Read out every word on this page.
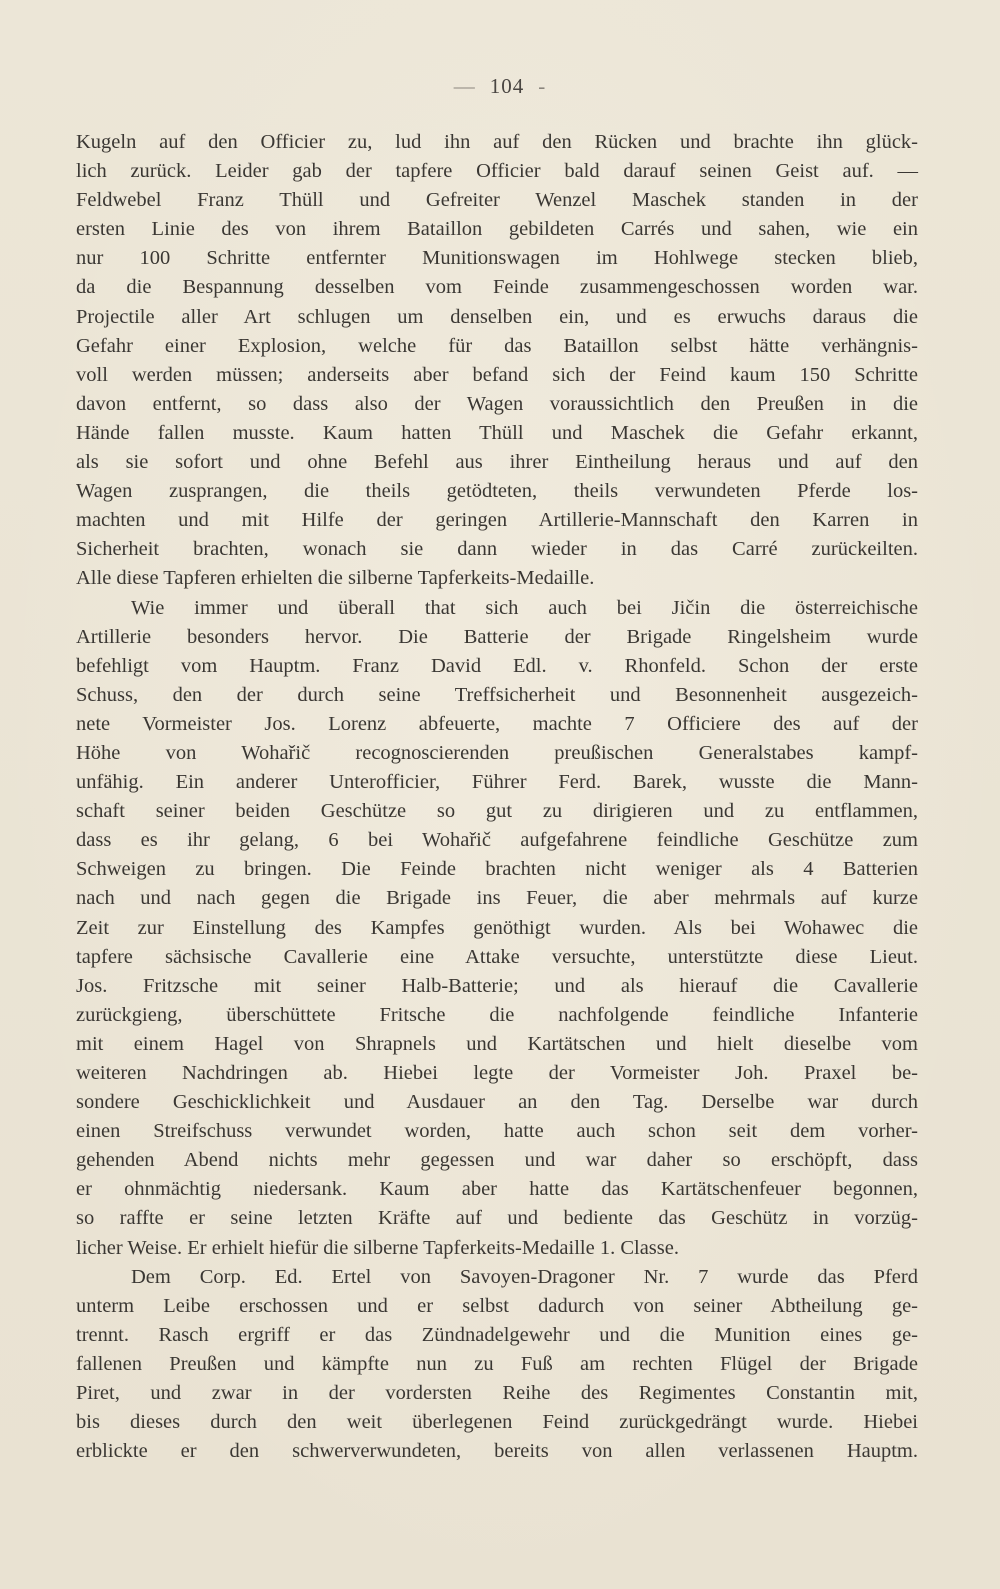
— 104 -
Kugeln auf den Officier zu, lud ihn auf den Rücken und brachte ihn glück-
lich zurück. Leider gab der tapfere Officier bald darauf seinen Geist auf. —
Feldwebel Franz Thüll und Gefreiter Wenzel Maschek standen in der
ersten Linie des von ihrem Bataillon gebildeten Carrés und sahen, wie ein
nur 100 Schritte entfernter Munitionswagen im Hohlwege stecken blieb,
da die Bespannung desselben vom Feinde zusammengeschossen worden war.
Projectile aller Art schlugen um denselben ein, und es erwuchs daraus die
Gefahr einer Explosion, welche für das Bataillon selbst hätte verhängnis-
voll werden müssen; anderseits aber befand sich der Feind kaum 150 Schritte
davon entfernt, so dass also der Wagen voraussichtlich den Preußen in die
Hände fallen musste. Kaum hatten Thüll und Maschek die Gefahr erkannt,
als sie sofort und ohne Befehl aus ihrer Eintheilung heraus und auf den
Wagen zusprangen, die theils getödteten, theils verwundeten Pferde los-
machten und mit Hilfe der geringen Artillerie-Mannschaft den Karren in
Sicherheit brachten, wonach sie dann wieder in das Carré zurückeilten.
Alle diese Tapferen erhielten die silberne Tapferkeits-Medaille.
Wie immer und überall that sich auch bei Jičin die österreichische
Artillerie besonders hervor. Die Batterie der Brigade Ringelsheim wurde
befehligt vom Hauptm. Franz David Edl. v. Rhonfeld. Schon der erste
Schuss, den der durch seine Treffsicherheit und Besonnenheit ausgezeich-
nete Vormeister Jos. Lorenz abfeuerte, machte 7 Officiere des auf der
Höhe von Wohařič recognoscierenden preußischen Generalstabes kampf-
unfähig. Ein anderer Unterofficier, Führer Ferd. Barek, wusste die Mann-
schaft seiner beiden Geschütze so gut zu dirigieren und zu entflammen,
dass es ihr gelang, 6 bei Wohařič aufgefahrene feindliche Geschütze zum
Schweigen zu bringen. Die Feinde brachten nicht weniger als 4 Batterien
nach und nach gegen die Brigade ins Feuer, die aber mehrmals auf kurze
Zeit zur Einstellung des Kampfes genöthigt wurden. Als bei Wohawec die
tapfere sächsische Cavallerie eine Attake versuchte, unterstützte diese Lieut.
Jos. Fritzsche mit seiner Halb-Batterie; und als hierauf die Cavallerie
zurückgieng, überschüttete Fritsche die nachfolgende feindliche Infanterie
mit einem Hagel von Shrapnels und Kartätschen und hielt dieselbe vom
weiteren Nachdringen ab. Hiebei legte der Vormeister Joh. Praxel be-
sondere Geschicklichkeit und Ausdauer an den Tag. Derselbe war durch
einen Streifschuss verwundet worden, hatte auch schon seit dem vorher-
gehenden Abend nichts mehr gegessen und war daher so erschöpft, dass
er ohnmächtig niedersank. Kaum aber hatte das Kartätschenfeuer begonnen,
so raffte er seine letzten Kräfte auf und bediente das Geschütz in vorzüg-
licher Weise. Er erhielt hiefür die silberne Tapferkeits-Medaille 1. Classe.
Dem Corp. Ed. Ertel von Savoyen-Dragoner Nr. 7 wurde das Pferd
unterm Leibe erschossen und er selbst dadurch von seiner Abtheilung ge-
trennt. Rasch ergriff er das Zündnadelgewehr und die Munition eines ge-
fallenen Preußen und kämpfte nun zu Fuß am rechten Flügel der Brigade
Piret, und zwar in der vordersten Reihe des Regimentes Constantin mit,
bis dieses durch den weit überlegenen Feind zurückgedrängt wurde. Hiebei
erblickte er den schwerverwundeten, bereits von allen verlassenen Hauptm.
